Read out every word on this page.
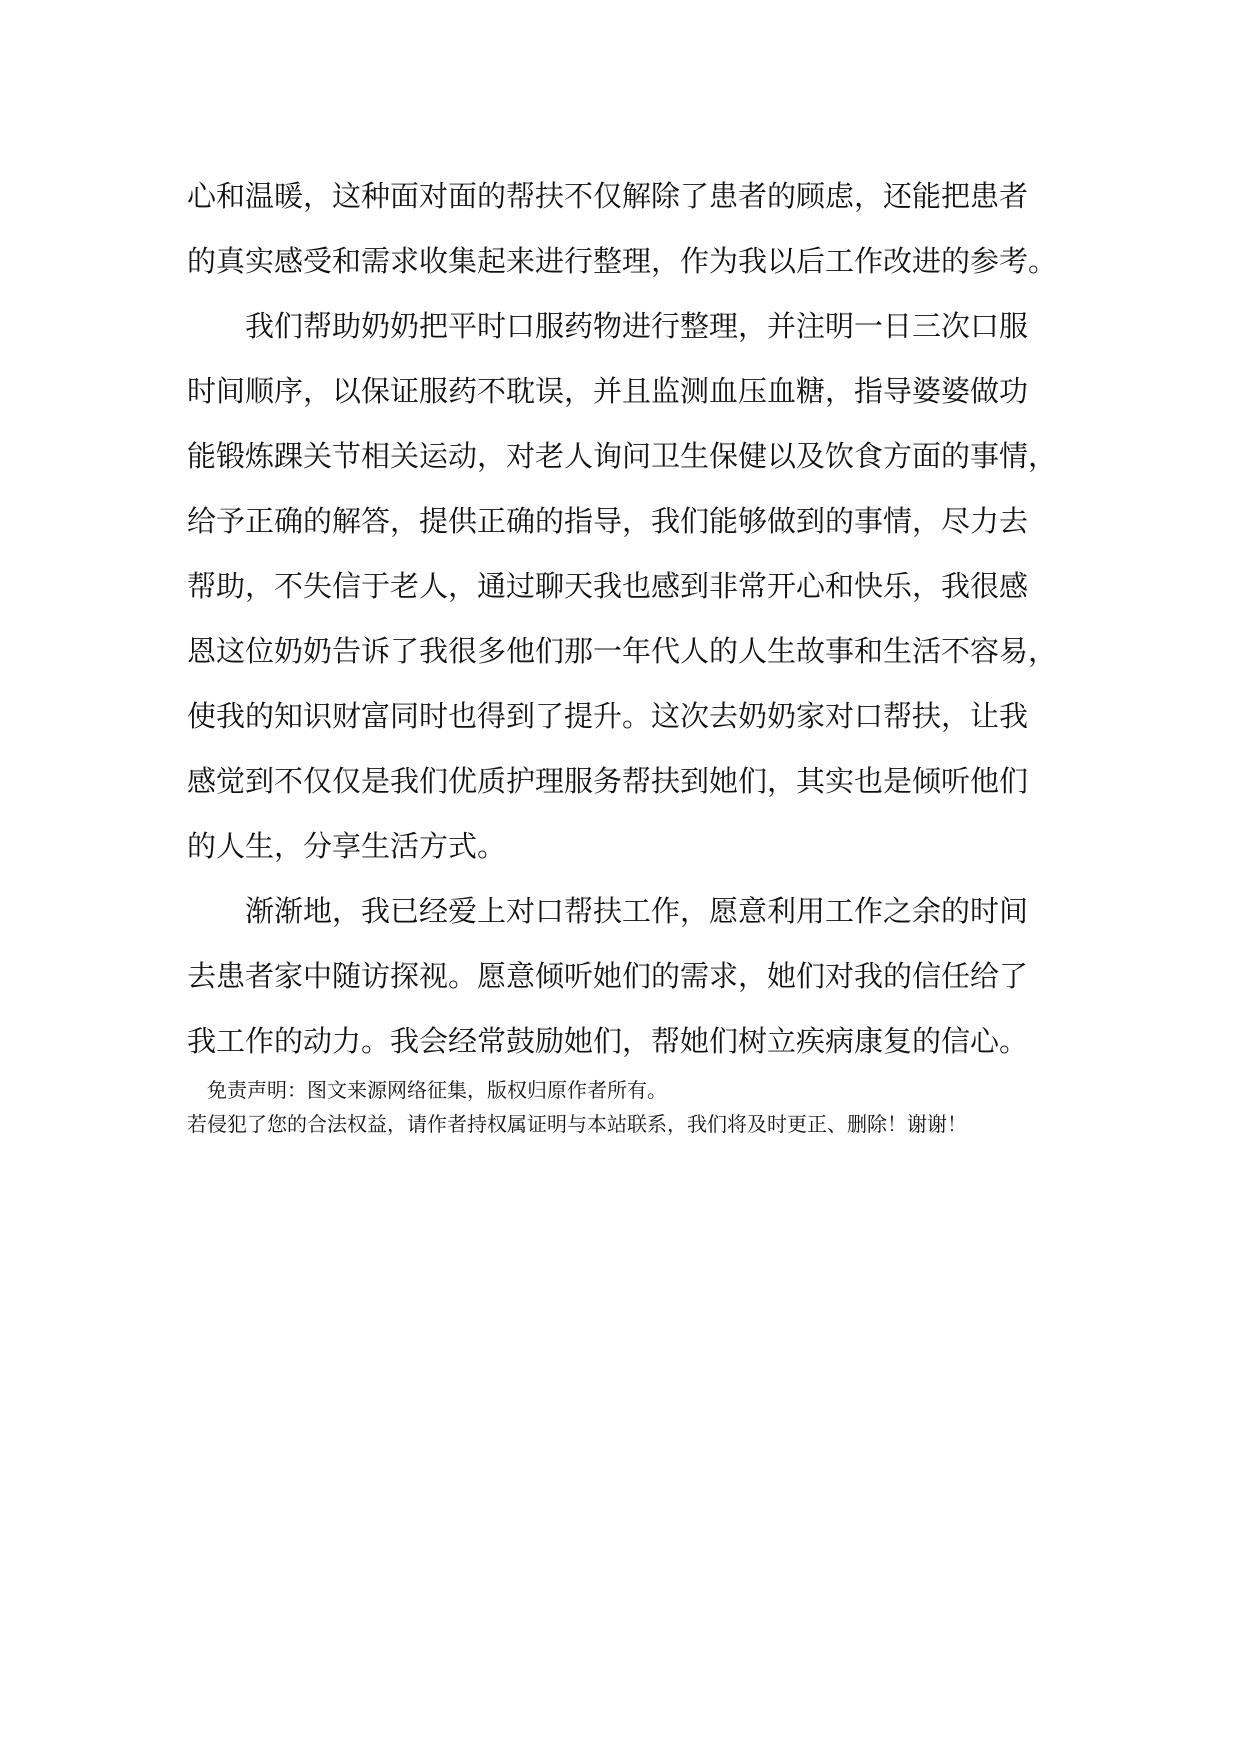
心和温暖，这种面对面的帮扶不仅解除了患者的顾虑，还能把患者
的真实感受和需求收集起来进行整理，作为我以后工作改进的参考。
我们帮助奶奶把平时口服药物进行整理，并注明一日三次口服
时间顺序，以保证服药不耽误，并且监测血压血糖，指导婆婆做功
能锻炼踝关节相关运动，对老人询问卫生保健以及饮食方面的事情，
给予正确的解答，提供正确的指导，我们能够做到的事情，尽力去
帮助，不失信于老人，通过聊天我也感到非常开心和快乐，我很感
恩这位奶奶告诉了我很多他们那一年代人的人生故事和生活不容易，
使我的知识财富同时也得到了提升。这次去奶奶家对口帮扶，让我
感觉到不仅仅是我们优质护理服务帮扶到她们，其实也是倾听他们
的人生，分享生活方式。
渐渐地，我已经爱上对口帮扶工作，愿意利用工作之余的时间
去患者家中随访探视。愿意倾听她们的需求，她们对我的信任给了
我工作的动力。我会经常鼓励她们，帮她们树立疾病康复的信心。
免责声明：图文来源网络征集，版权归原作者所有。
若侵犯了您的合法权益，请作者持权属证明与本站联系，我们将及时更正、删除！谢谢！
